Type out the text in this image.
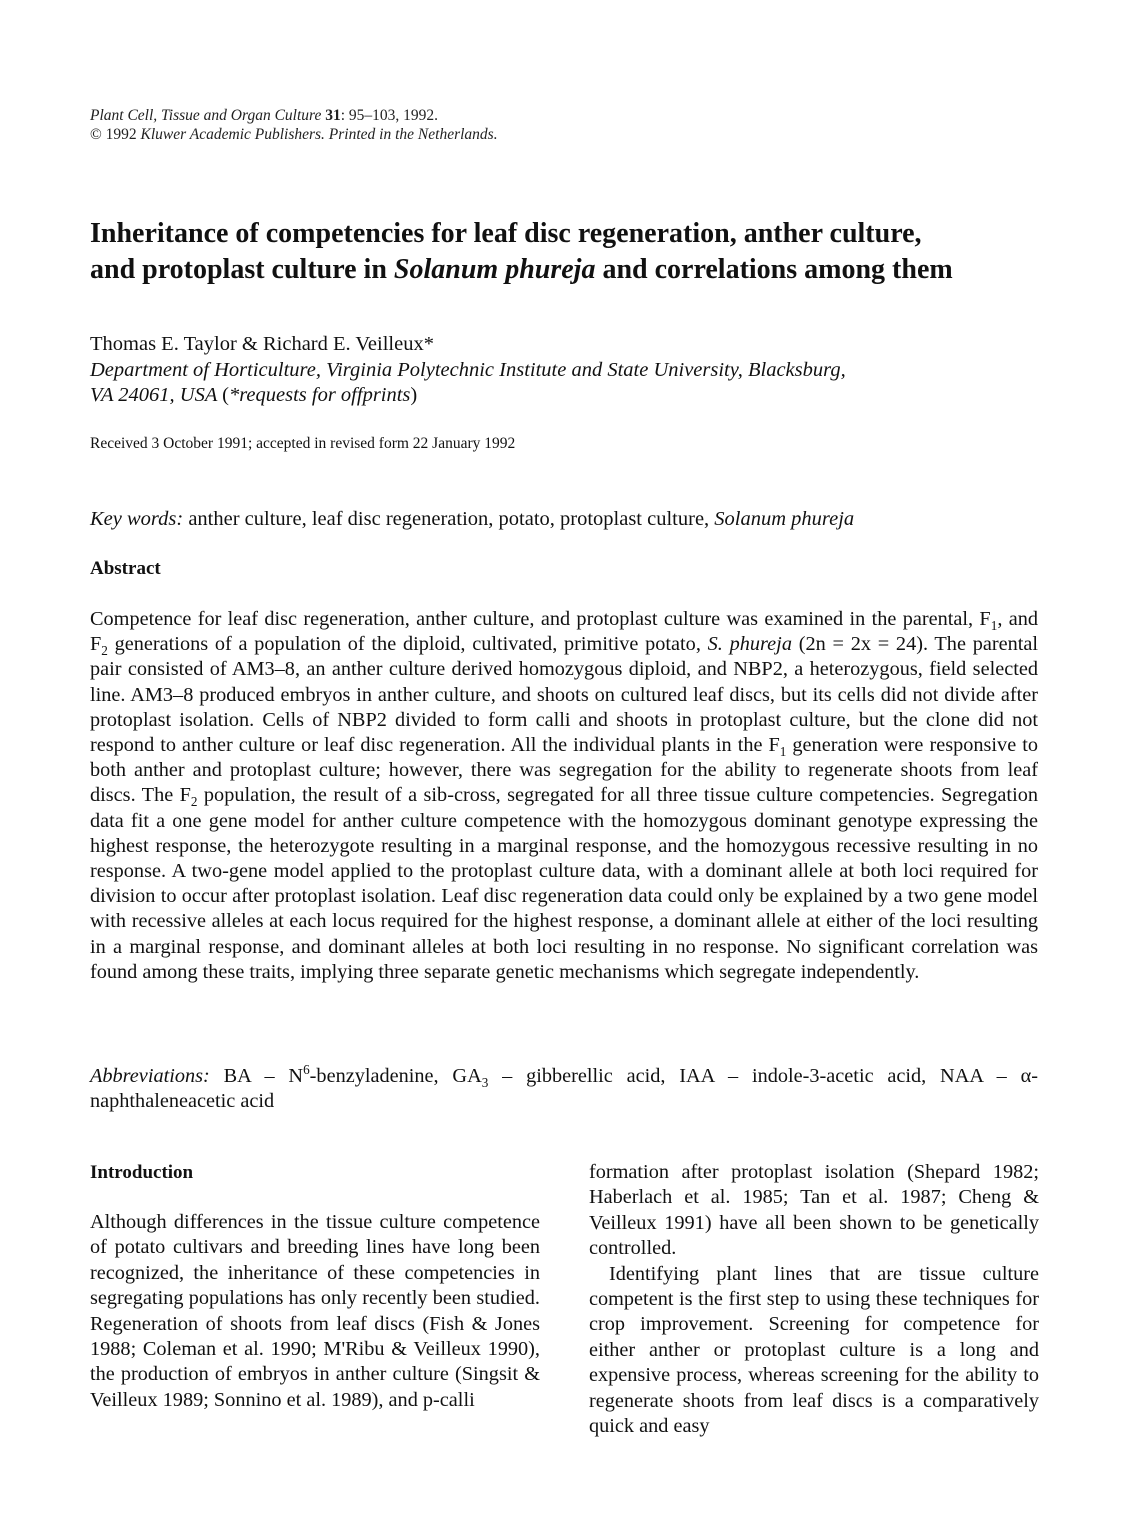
Plant Cell, Tissue and Organ Culture 31: 95–103, 1992.
© 1992 Kluwer Academic Publishers. Printed in the Netherlands.
Inheritance of competencies for leaf disc regeneration, anther culture,
and protoplast culture in Solanum phureja and correlations among them
Thomas E. Taylor & Richard E. Veilleux*
Department of Horticulture, Virginia Polytechnic Institute and State University, Blacksburg,
VA 24061, USA (*requests for offprints)
Received 3 October 1991; accepted in revised form 22 January 1992
Key words: anther culture, leaf disc regeneration, potato, protoplast culture, Solanum phureja
Abstract

Competence for leaf disc regeneration, anther culture, and protoplast culture was examined in the parental, $F_1$, and $F_2$ generations of a population of the diploid, cultivated, primitive potato, S. phureja (2n = 2x = 24). The parental pair consisted of AM3–8, an anther culture derived homozygous diploid, and NBP2, a heterozygous, field selected line. AM3–8 produced embryos in anther culture, and shoots on cultured leaf discs, but its cells did not divide after protoplast isolation. Cells of NBP2 divided to form calli and shoots in protoplast culture, but the clone did not respond to anther culture or leaf disc regeneration. All the individual plants in the $F_1$ generation were responsive to both anther and protoplast culture; however, there was segregation for the ability to regenerate shoots from leaf discs. The $F_2$ population, the result of a sib-cross, segregated for all three tissue culture competencies. Segregation data fit a one gene model for anther culture competence with the homozygous dominant genotype expressing the highest response, the heterozygote resulting in a marginal response, and the homozygous recessive resulting in no response. A two-gene model applied to the protoplast culture data, with a dominant allele at both loci required for division to occur after protoplast isolation. Leaf disc regeneration data could only be explained by a two gene model with recessive alleles at each locus required for the highest response, a dominant allele at either of the loci resulting in a marginal response, and dominant alleles at both loci resulting in no response. No significant correlation was found among these traits, implying three separate genetic mechanisms which segregate independently.

Abbreviations: BA – $N^6$-benzyladenine, $GA_3$ – gibberellic acid, IAA – indole-3-acetic acid, NAA – α-naphthaleneacetic acid
Introduction

Although differences in the tissue culture competence of potato cultivars and breeding lines have long been recognized, the inheritance of these competencies in segregating populations has only recently been studied. Regeneration of shoots from leaf discs (Fish & Jones 1988; Coleman et al. 1990; M'Ribu & Veilleux 1990), the production of embryos in anther culture (Singsit & Veilleux 1989; Sonnino et al. 1989), and p-calli

formation after protoplast isolation (Shepard 1982; Haberlach et al. 1985; Tan et al. 1987; Cheng & Veilleux 1991) have all been shown to be genetically controlled.

Identifying plant lines that are tissue culture competent is the first step to using these techniques for crop improvement. Screening for competence for either anther or protoplast culture is a long and expensive process, whereas screening for the ability to regenerate shoots from leaf discs is a comparatively quick and easy
